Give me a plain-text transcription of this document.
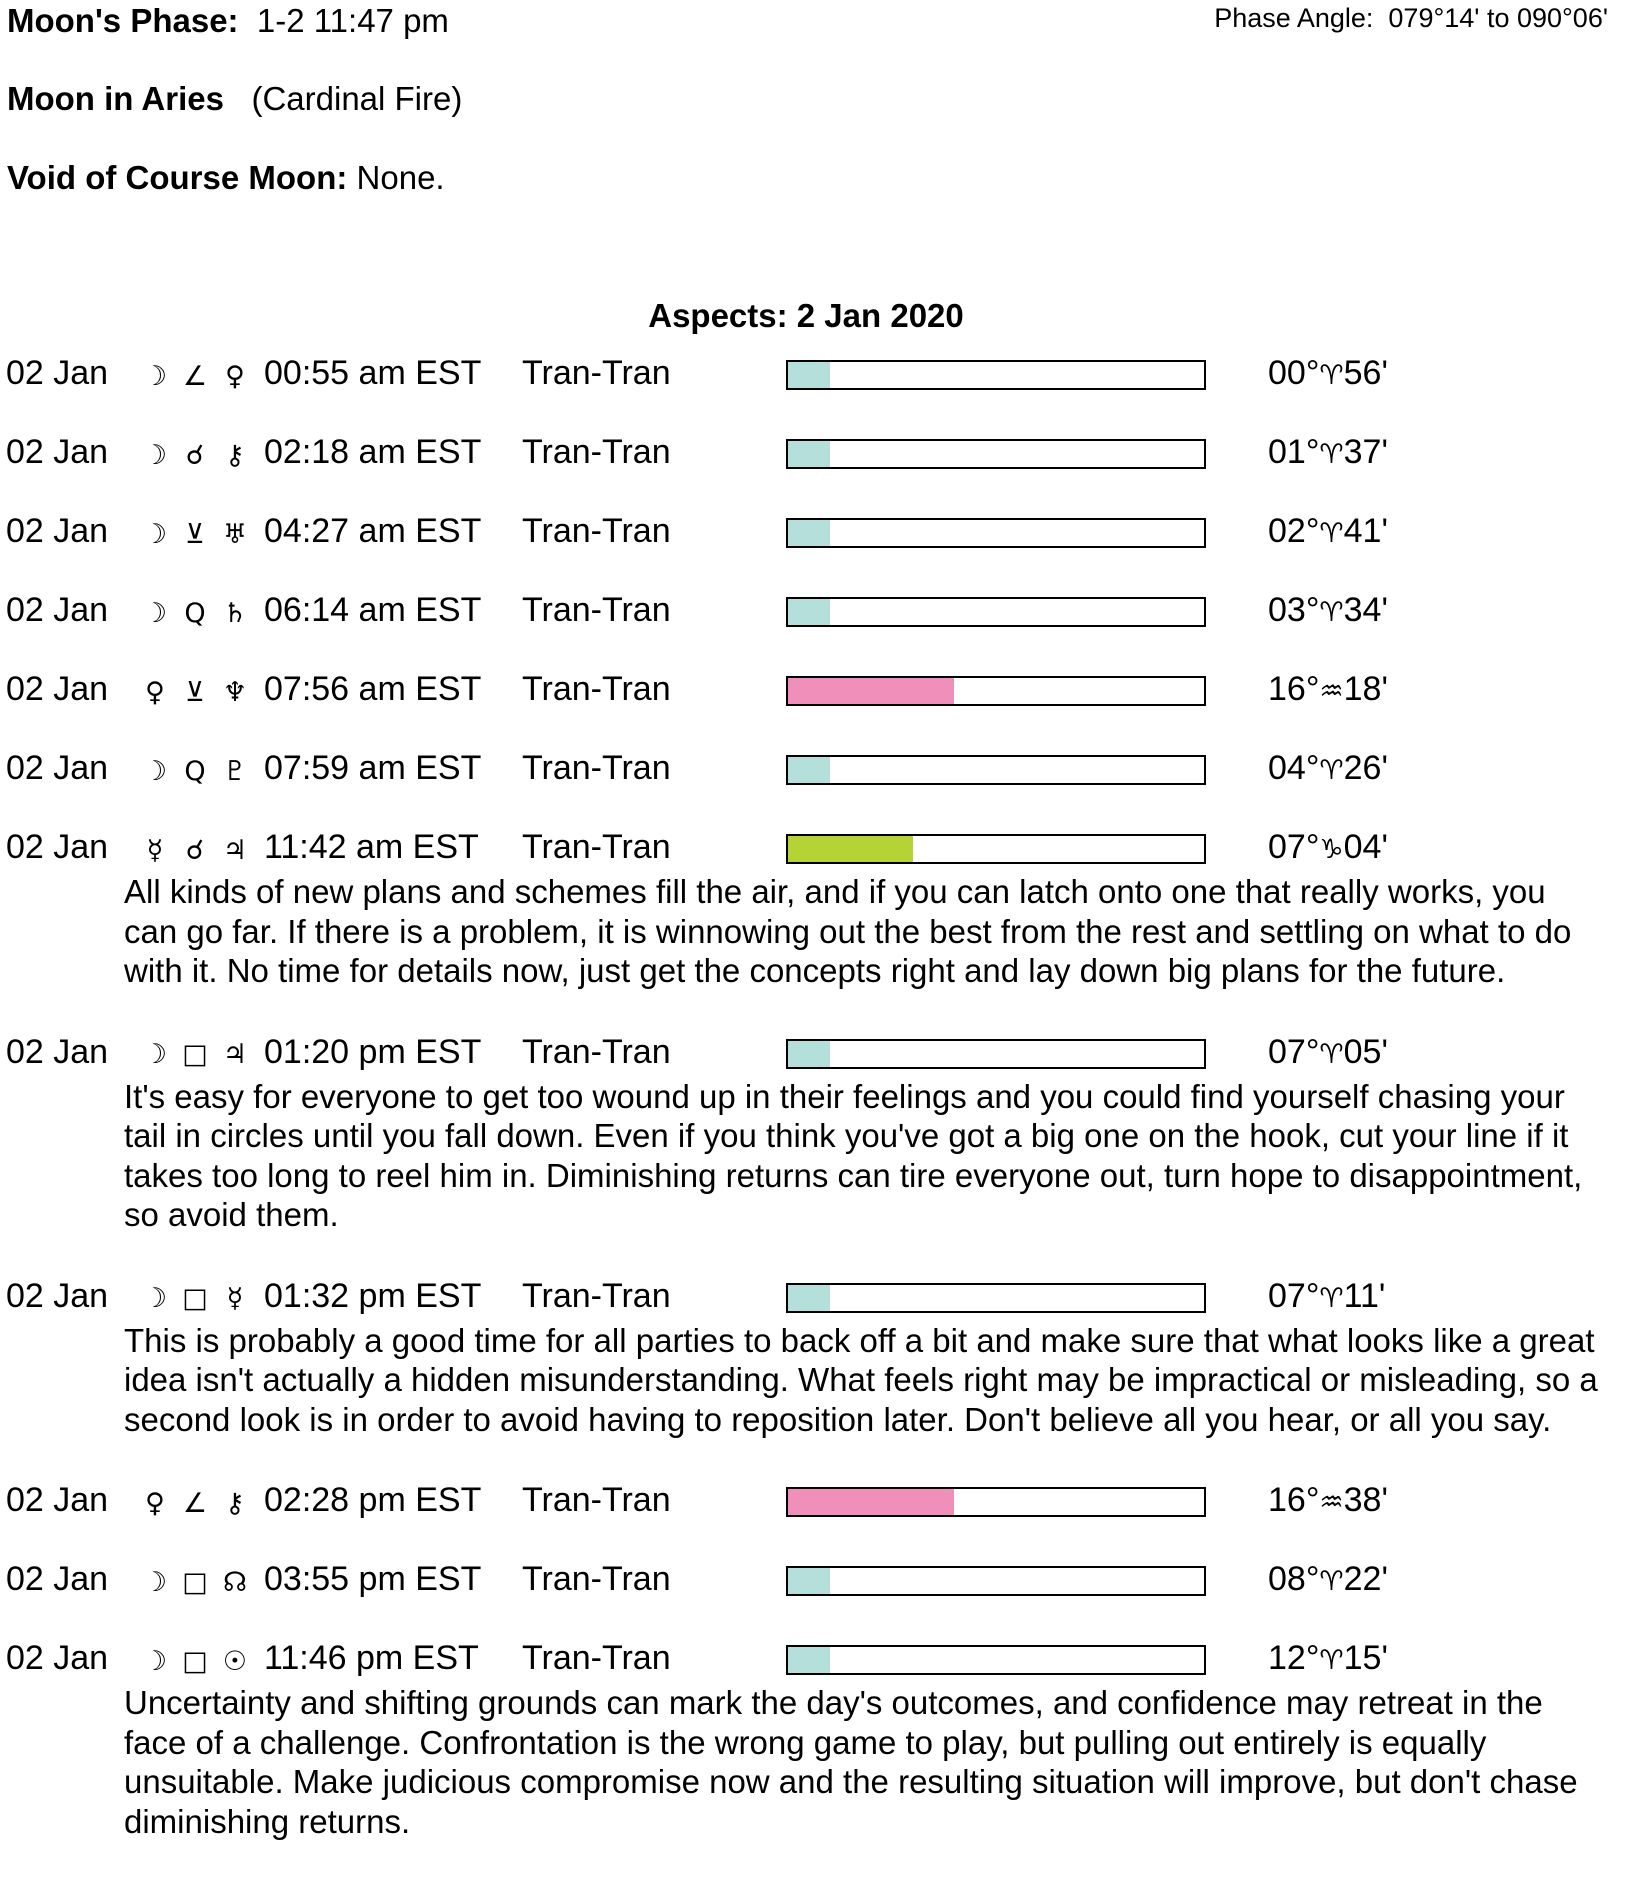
Moon's Phase: 1-2 11:47 pm	Phase Angle: 079°14' to 090°06'
Moon in Aries (Cardinal Fire)
Void of Course Moon: None.
Aspects: 2 Jan 2020
02 Jan ☽ ∠ ♀ 00:55 am EST Tran-Tran	00°♈56'
02 Jan ☽ ☌ ⚷ 02:18 am EST Tran-Tran	01°♈37'
02 Jan ☽ ⊻ ♅ 04:27 am EST Tran-Tran	02°♈41'
02 Jan ☽ Q ♄ 06:14 am EST Tran-Tran	03°♈34'
02 Jan ♀ ⊻ ♆ 07:56 am EST Tran-Tran	16°♒18'
02 Jan ☽ Q ♇ 07:59 am EST Tran-Tran	04°♈26'
02 Jan ☿ ☌ ♃ 11:42 am EST Tran-Tran	07°♑04'
All kinds of new plans and schemes fill the air, and if you can latch onto one that really works, you can go far. If there is a problem, it is winnowing out the best from the rest and settling on what to do with it. No time for details now, just get the concepts right and lay down big plans for the future.
02 Jan ☽ □ ♃ 01:20 pm EST Tran-Tran	07°♈05'
It's easy for everyone to get too wound up in their feelings and you could find yourself chasing your tail in circles until you fall down. Even if you think you've got a big one on the hook, cut your line if it takes too long to reel him in. Diminishing returns can tire everyone out, turn hope to disappointment, so avoid them.
02 Jan ☽ □ ☿ 01:32 pm EST Tran-Tran	07°♈11'
This is probably a good time for all parties to back off a bit and make sure that what looks like a great idea isn't actually a hidden misunderstanding. What feels right may be impractical or misleading, so a second look is in order to avoid having to reposition later. Don't believe all you hear, or all you say.
02 Jan ♀ ∠ ⚷ 02:28 pm EST Tran-Tran	16°♒38'
02 Jan ☽ □ ☊ 03:55 pm EST Tran-Tran	08°♈22'
02 Jan ☽ □ ☉ 11:46 pm EST Tran-Tran	12°♈15'
Uncertainty and shifting grounds can mark the day's outcomes, and confidence may retreat in the face of a challenge. Confrontation is the wrong game to play, but pulling out entirely is equally unsuitable. Make judicious compromise now and the resulting situation will improve, but don't chase diminishing returns.
